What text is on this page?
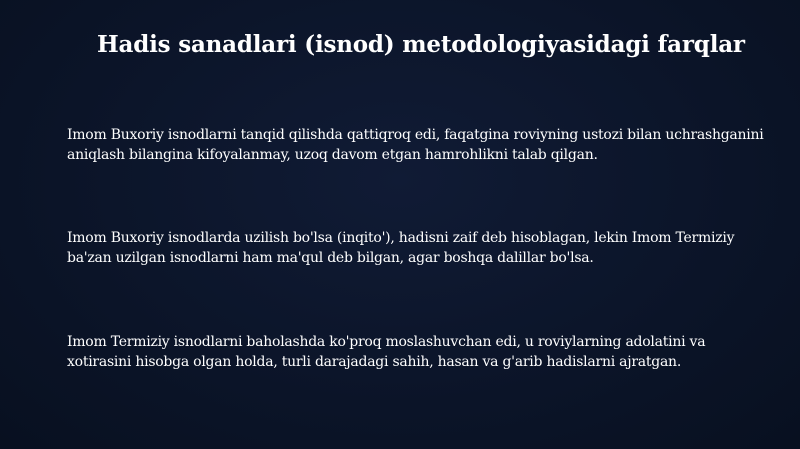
Hadis sanadlari (isnod) metodologiyasidagi farqlar
Imom Buxoriy isnodlarni tanqid qilishda qattiqroq edi, faqatgina roviyning ustozi bilan uchrashganini aniqlash bilangina kifoyalanmay, uzoq davom etgan hamrohlikni talab qilgan.
Imom Buxoriy isnodlarda uzilish bo'lsa (inqito'), hadisni zaif deb hisoblagan, lekin Imom Termiziy ba'zan uzilgan isnodlarni ham ma'qul deb bilgan, agar boshqa dalillar bo'lsa.
Imom Termiziy isnodlarni baholashda ko'proq moslashuvchan edi, u roviylarning adolatini va xotirasini hisobga olgan holda, turli darajadagi sahih, hasan va g'arib hadislarni ajratgan.
